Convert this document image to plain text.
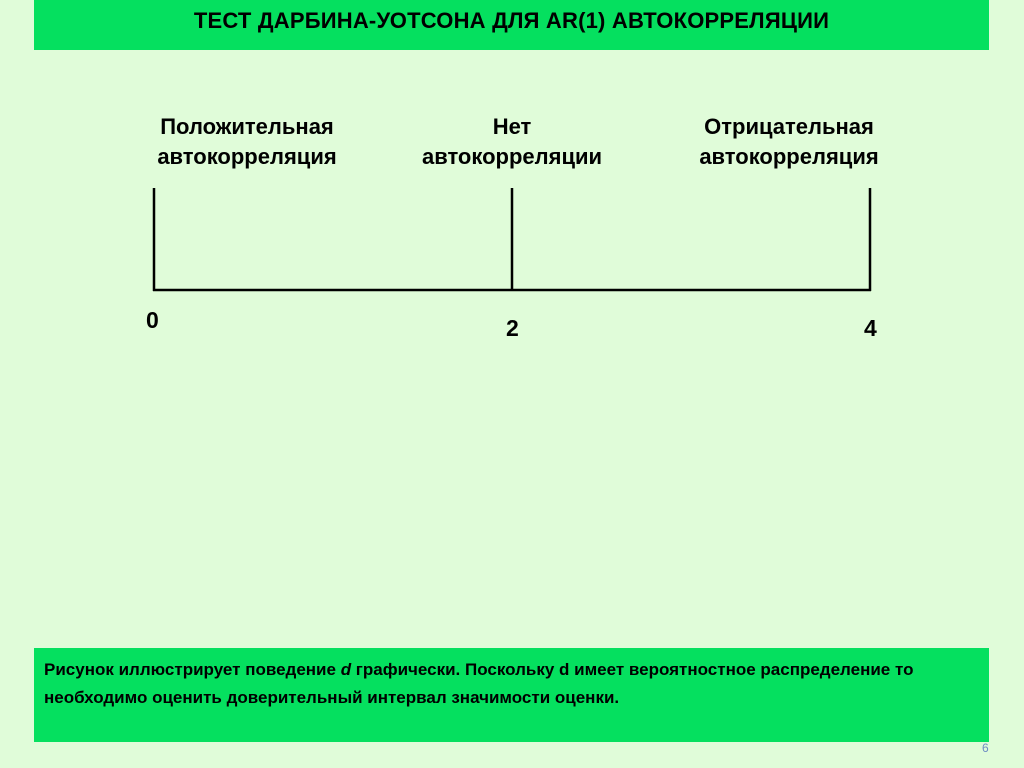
ТЕСТ ДАРБИНА-УОТСОНА ДЛЯ AR(1) АВТОКОРРЕЛЯЦИИ
Положительная
автокорреляция
Нет
автокорреляции
Отрицательная
автокорреляция
0	2	4

Рисунок иллюстрирует поведение d графически. Поскольку d имеет вероятностное распределение то необходимо оценить доверительный интервал значимости оценки.

6
